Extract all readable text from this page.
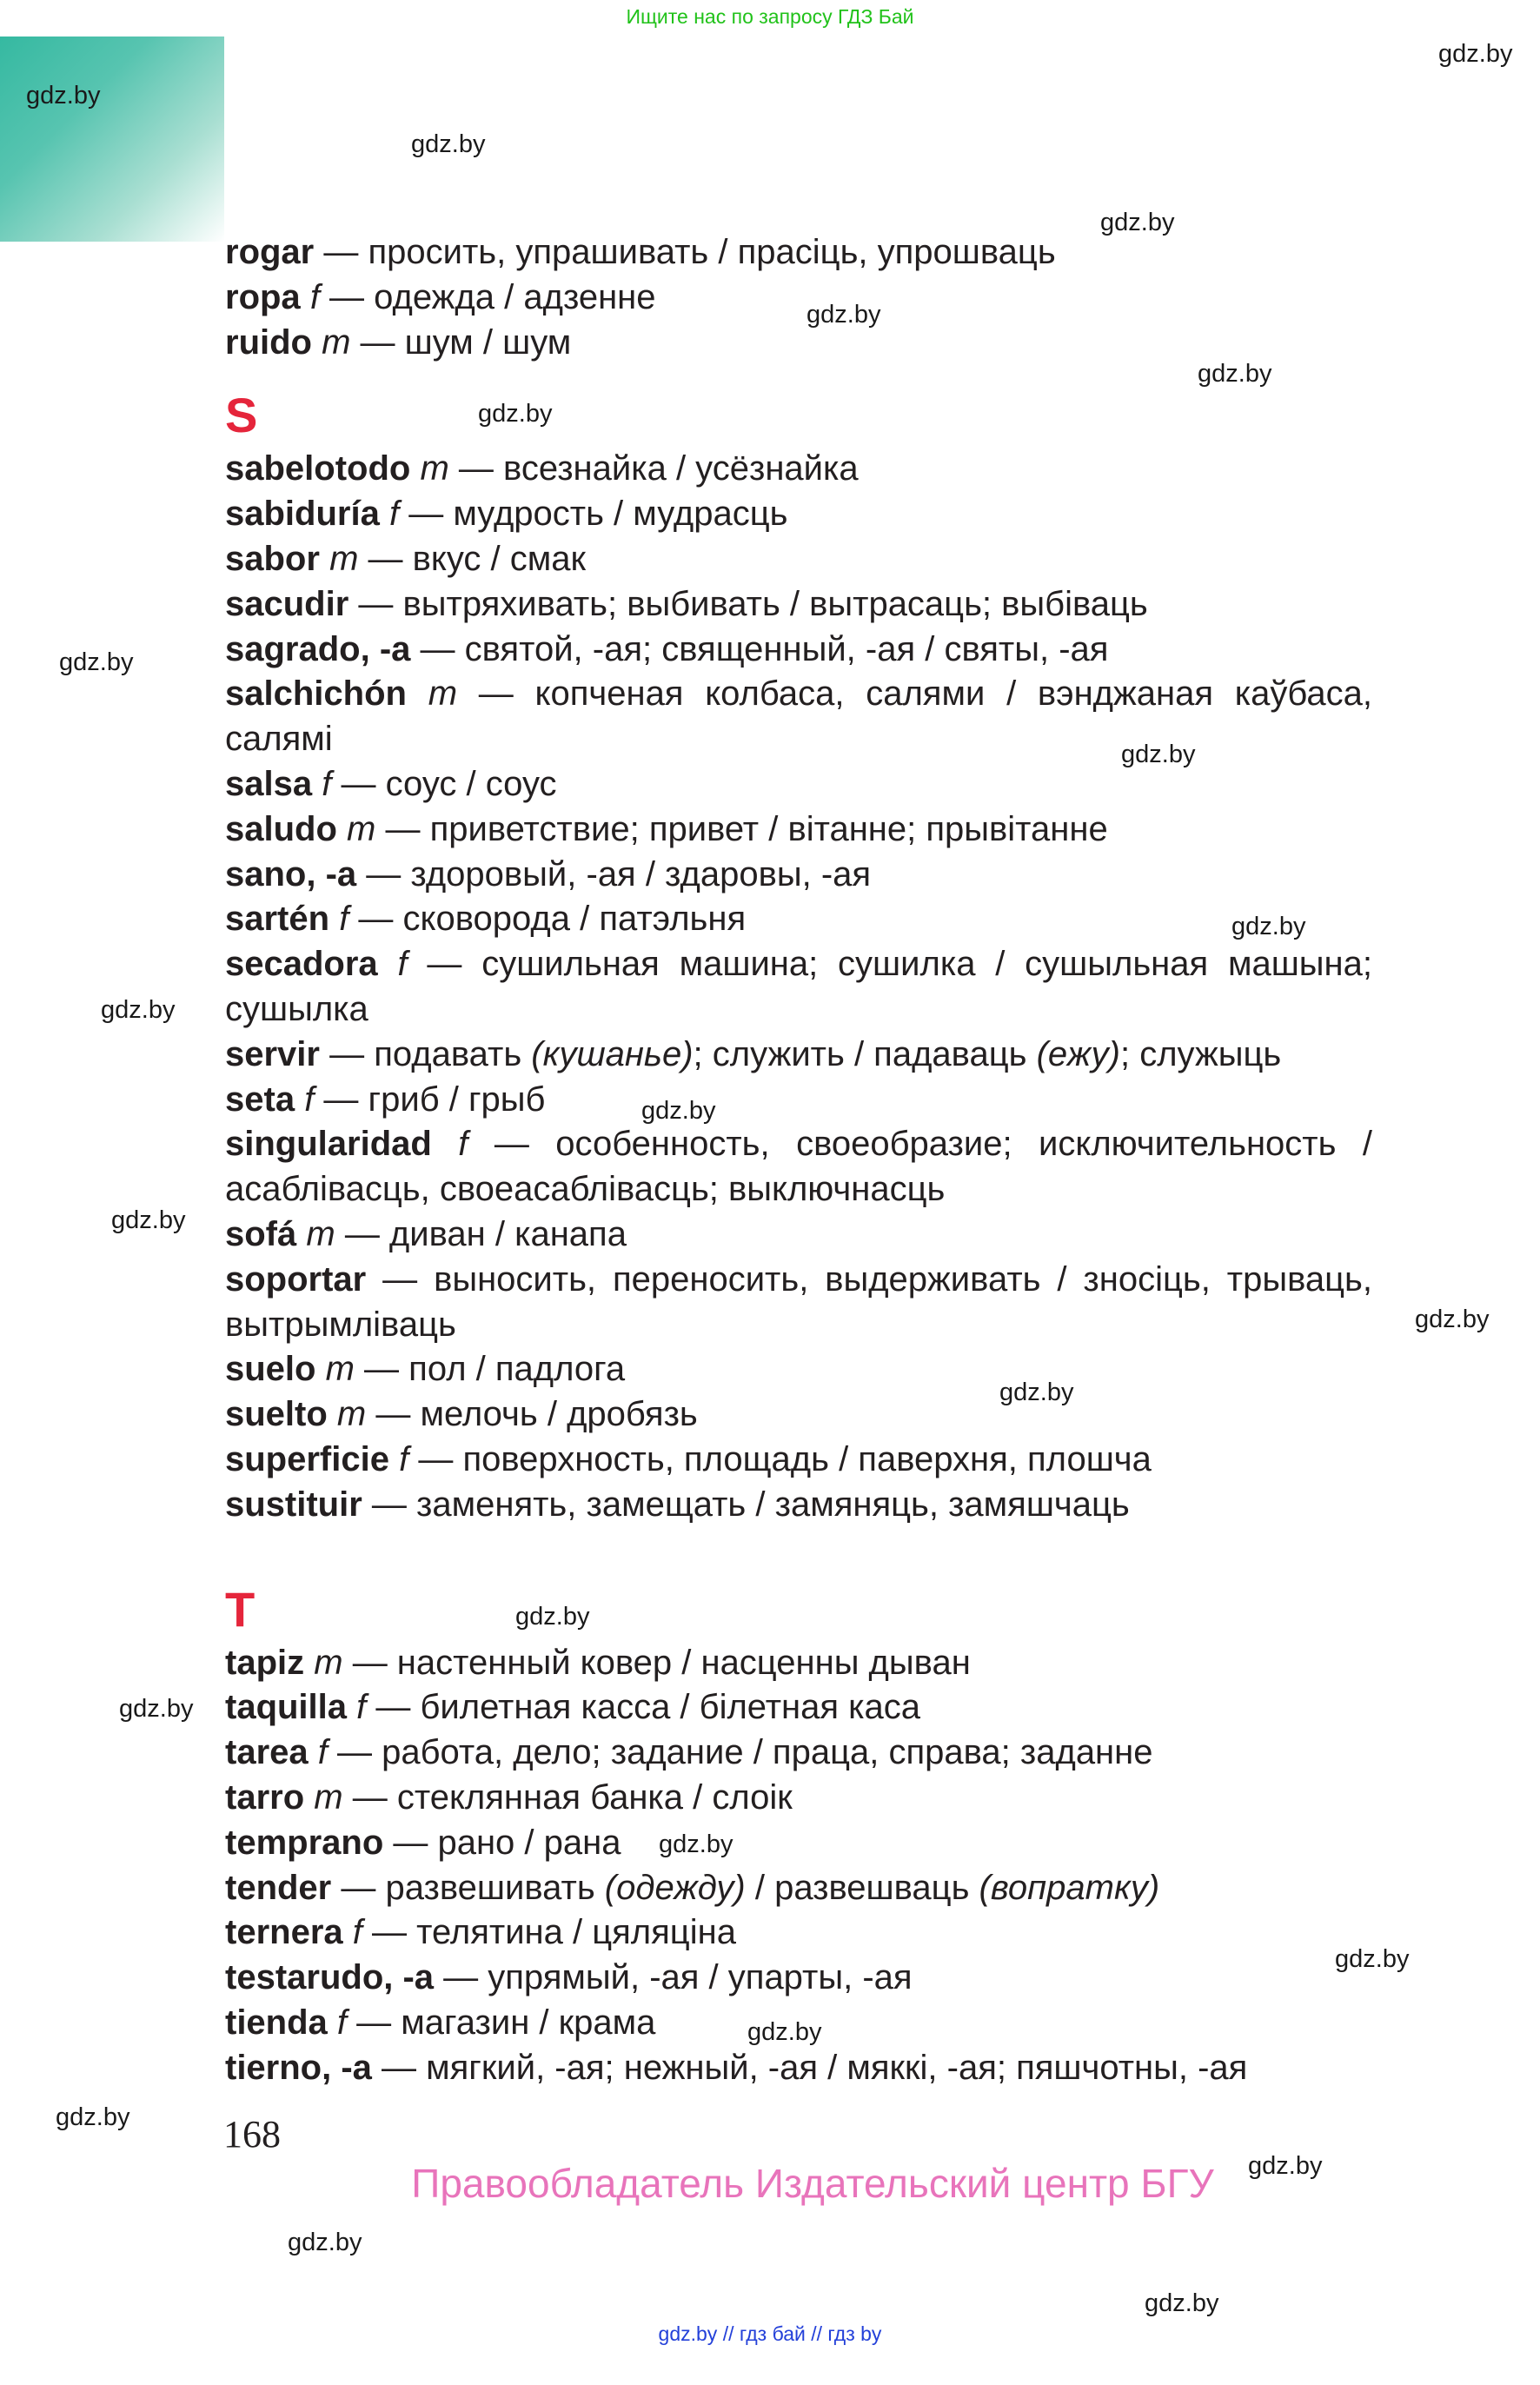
Ищите нас по запросу ГДЗ Бай
gdz.by
gdz.by
gdz.by
gdz.by
gdz.by
gdz.by
gdz.by
gdz.by
gdz.by
gdz.by
gdz.by
gdz.by
gdz.by
gdz.by
gdz.by
gdz.by
gdz.by
gdz.by
gdz.by
gdz.by
gdz.by
gdz.by
gdz.by
gdz.by
rogar — просить, упрашивать / прасіць, упрошваць
ropa f — одежда / адзенне
ruido m — шум / шум
S
sabelotodo m — всезнайка / усёзнайка
sabiduría f — мудрость / мудрасць
sabor m — вкус / смак
sacudir — вытряхивать; выбивать / вытрасаць; выбіваць
sagrado, -a — святой, -ая; священный, -ая / святы, -ая
salchichón m — копченая колбаса, салями / вэнджаная каўбаса, салямі
salsa f — соус / соус
saludo m — приветствие; привет / вітанне; прывітанне
sano, -a — здоровый, -ая / здаровы, -ая
sartén f — сковорода / патэльня
secadora f — сушильная машина; сушилка / сушыльная машына; сушылка
servir — подавать (кушанье); служить / падаваць (ежу); служыць
seta f — гриб / грыб
singularidad f — особенность, своеобразие; исключительность / асаблівасць, своеасаблівасць; выключнасць
sofá m — диван / канапа
soportar — выносить, переносить, выдерживать / зносіць, трываць, вытрымліваць
suelo m — пол / падлога
suelto m — мелочь / дробязь
superficie f — поверхность, площадь / паверхня, плошча
sustituir — заменять, замещать / замяняць, замяшчаць
T
tapiz m — настенный ковер / насценны дыван
taquilla f — билетная касса / білетная каса
tarea f — работа, дело; задание / праца, справа; заданне
tarro m — стеклянная банка / слоік
temprano — рано / рана
tender — развешивать (одежду) / развешваць (вопратку)
ternera f — телятина / цяляціна
testarudo, -a — упрямый, -ая / упарты, -ая
tienda f — магазин / крама
tierno, -a — мягкий, -ая; нежный, -ая / мяккі, -ая; пяшчотны, -ая
168
Правообладатель Издательский центр БГУ
gdz.by // гдз бай // гдз by
